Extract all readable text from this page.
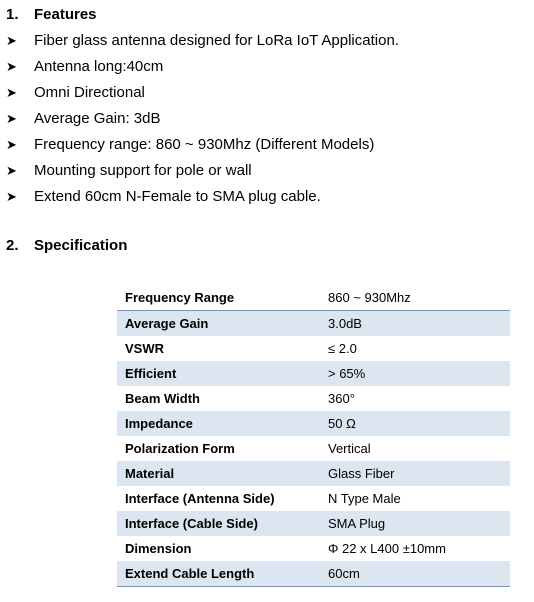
1. Features
➤	Fiber glass antenna designed for LoRa IoT Application.
➤	Antenna long:40cm
➤	Omni Directional
➤	Average Gain: 3dB
➤	Frequency range: 860 ~ 930Mhz (Different Models)
➤	Mounting support for pole or wall
➤	Extend 60cm N-Female to SMA plug cable.
2. Specification
Frequency Range	860 ~ 930Mhz
Average Gain	3.0dB
VSWR	≤ 2.0
Efficient	> 65%
Beam Width	360°
Impedance	50 Ω
Polarization Form	Vertical
Material	Glass Fiber
Interface (Antenna Side)	N Type Male
Interface (Cable Side)	SMA Plug
Dimension	Φ 22 x L400 ±10mm
Extend Cable Length	60cm
